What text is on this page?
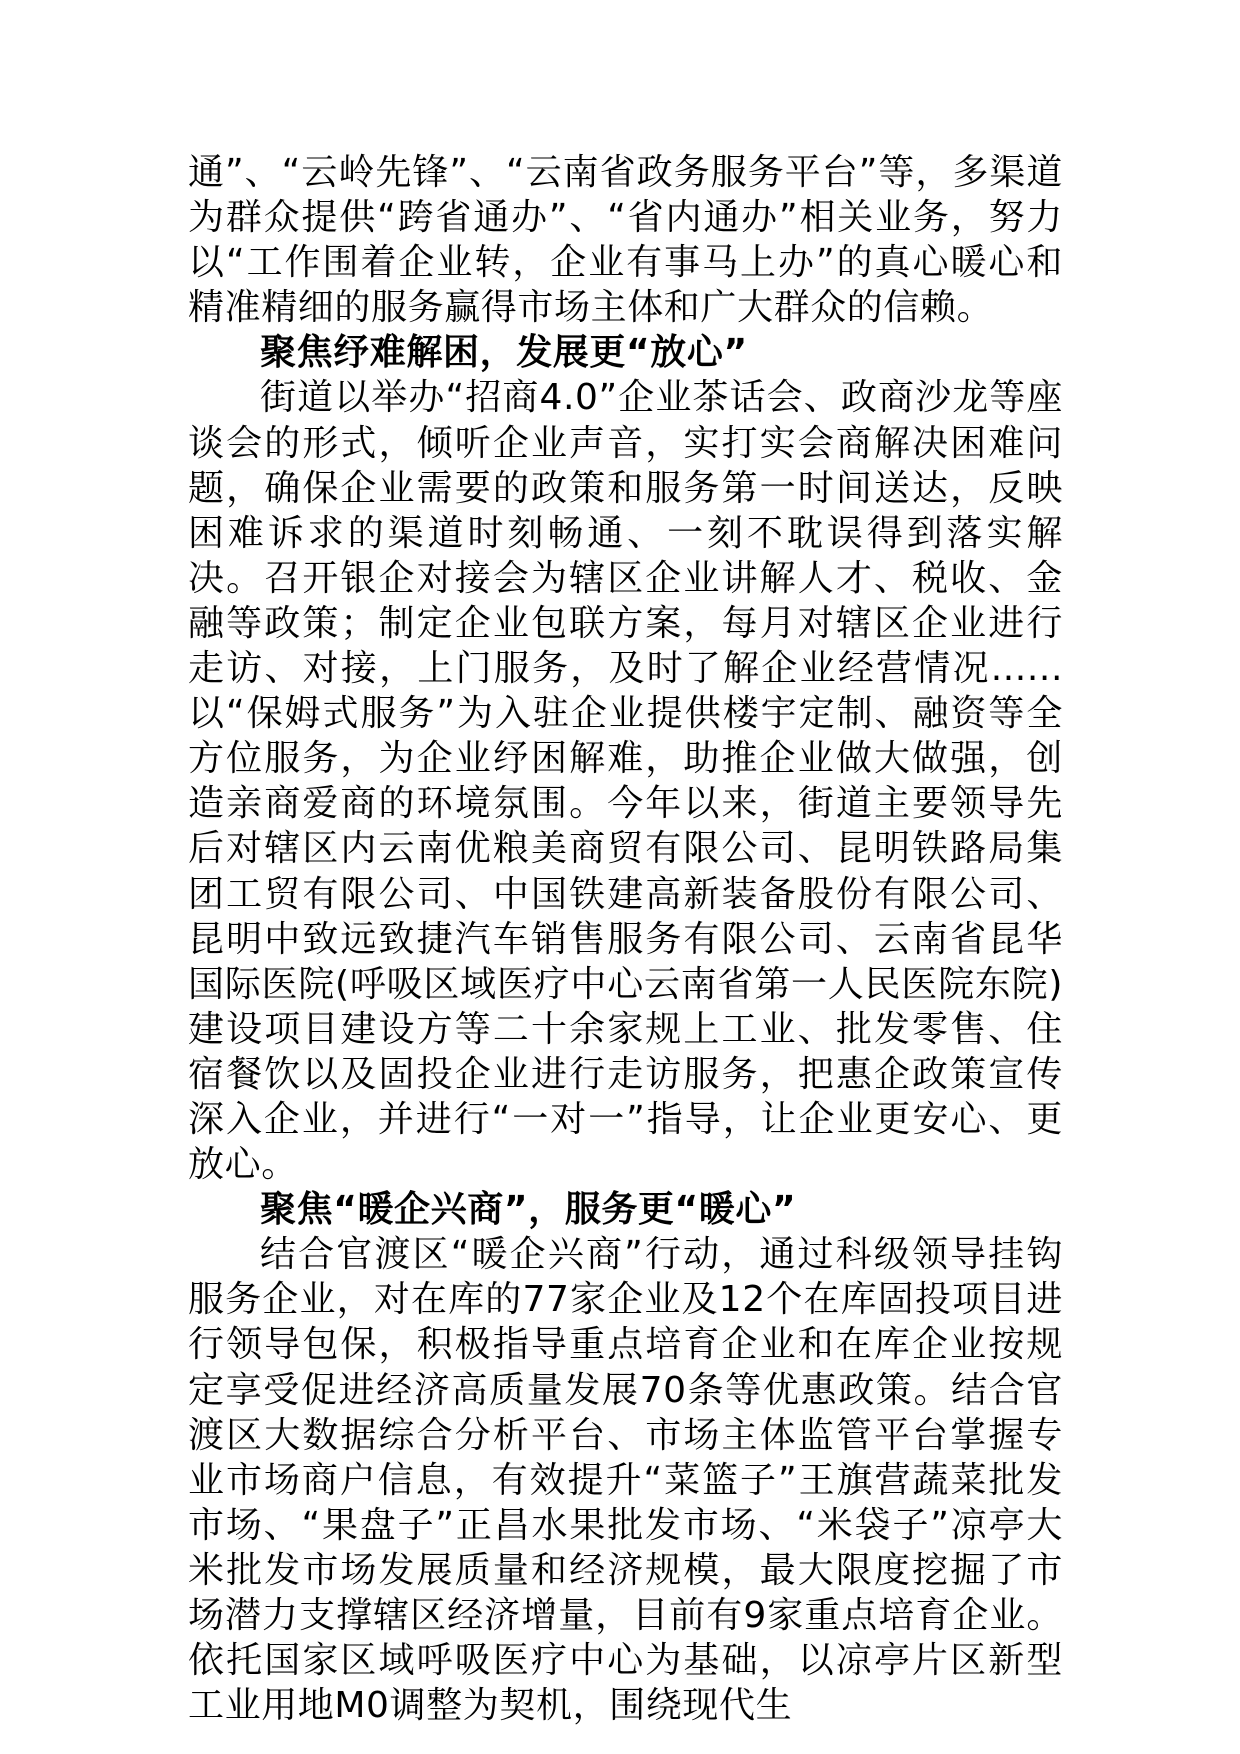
通”、“云岭先锋”、“云南省政务服务平台”等，多渠道为群众提供“跨省通办”、“省内通办”相关业务，努力以“工作围着企业转，企业有事马上办”的真心暖心和精准精细的服务赢得市场主体和广大群众的信赖。

聚焦纾难解困，发展更“放心”

街道以举办“招商4.0”企业茶话会、政商沙龙等座谈会的形式，倾听企业声音，实打实会商解决困难问题，确保企业需要的政策和服务第一时间送达，反映困难诉求的渠道时刻畅通、一刻不耽误得到落实解决。召开银企对接会为辖区企业讲解人才、税收、金融等政策；制定企业包联方案，每月对辖区企业进行走访、对接，上门服务，及时了解企业经营情况......以“保姆式服务”为入驻企业提供楼宇定制、融资等全方位服务，为企业纾困解难，助推企业做大做强，创造亲商爱商的环境氛围。今年以来，街道主要领导先后对辖区内云南优粮美商贸有限公司、昆明铁路局集团工贸有限公司、中国铁建高新装备股份有限公司、昆明中致远致捷汽车销售服务有限公司、云南省昆华国际医院(呼吸区域医疗中心云南省第一人民医院东院)建设项目建设方等二十余家规上工业、批发零售、住宿餐饮以及固投企业进行走访服务，把惠企政策宣传深入企业，并进行“一对一”指导，让企业更安心、更放心。

聚焦“暖企兴商”，服务更“暖心”

结合官渡区“暖企兴商”行动，通过科级领导挂钩服务企业，对在库的77家企业及12个在库固投项目进行领导包保，积极指导重点培育企业和在库企业按规定享受促进经济高质量发展70条等优惠政策。结合官渡区大数据综合分析平台、市场主体监管平台掌握专业市场商户信息，有效提升“菜篮子”王旗营蔬菜批发市场、“果盘子”正昌水果批发市场、“米袋子”凉亭大米批发市场发展质量和经济规模，最大限度挖掘了市场潜力支撑辖区经济增量，目前有9家重点培育企业。依托国家区域呼吸医疗中心为基础，以凉亭片区新型工业用地M0调整为契机，围绕现代生
